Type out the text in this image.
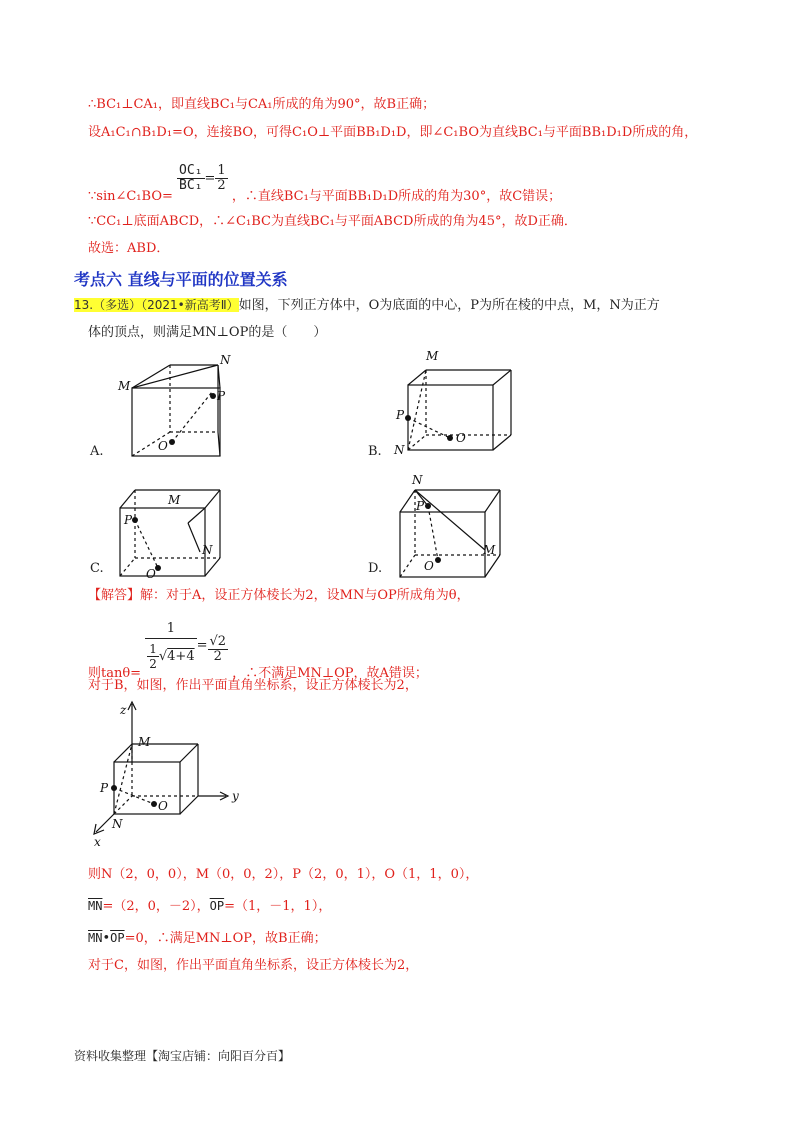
∴BC₁⊥CA₁，即直线BC₁与CA₁所成的角为90°，故B正确；
设A₁C₁∩B₁D₁=O，连接BO，可得C₁O⊥平面BB₁D₁D，即∠C₁BO为直线BC₁与平面BB₁D₁D所成的角，
∵sin∠C₁BO=
$\frac{\text{OC₁}}{\text{BC₁}} = \frac{1}{2}$
，∴直线BC₁与平面BB₁D₁D所成的角为30°，故C错误；
∵CC₁⊥底面ABCD，∴∠C₁BC为直线BC₁与平面ABCD所成的角为45°，故D正确．
故选：ABD．
考点六 直线与平面的位置关系
13.（多选）（2021•新高考Ⅱ）如图，下列正方体中，O为底面的中心，P为所在棱的中点，M，N为正方
体的顶点，则满足MN⊥OP的是（　　）
M
N
P
O
A.
M
P
N
O
B.
M
P
N
O
C.
N
P
M
O
D.
【解答】解：对于A，设正方体棱长为2，设MN与OP所成角为θ，
则tanθ=
$\frac{1}{\frac{1}{2} √4+4} = \frac{√2}{2}$
，∴不满足MN⊥OP，故A错误；
对于B，如图，作出平面直角坐标系，设正方体棱长为2，
z
M
P
N
O
y
x
则N（2，0，0），M（0，0，2），P（2，0，1），O（1，1，0），
$\overline{MN}=(2$，0，－2），$\overline{OP}=(1$，－1，1），
$\overline{MN}•\overline{OP}=0$，∴满足MN⊥OP，故B正确；
对于C，如图，作出平面直角坐标系，设正方体棱长为2，
资料收集整理【淘宝店铺：向阳百分百】
